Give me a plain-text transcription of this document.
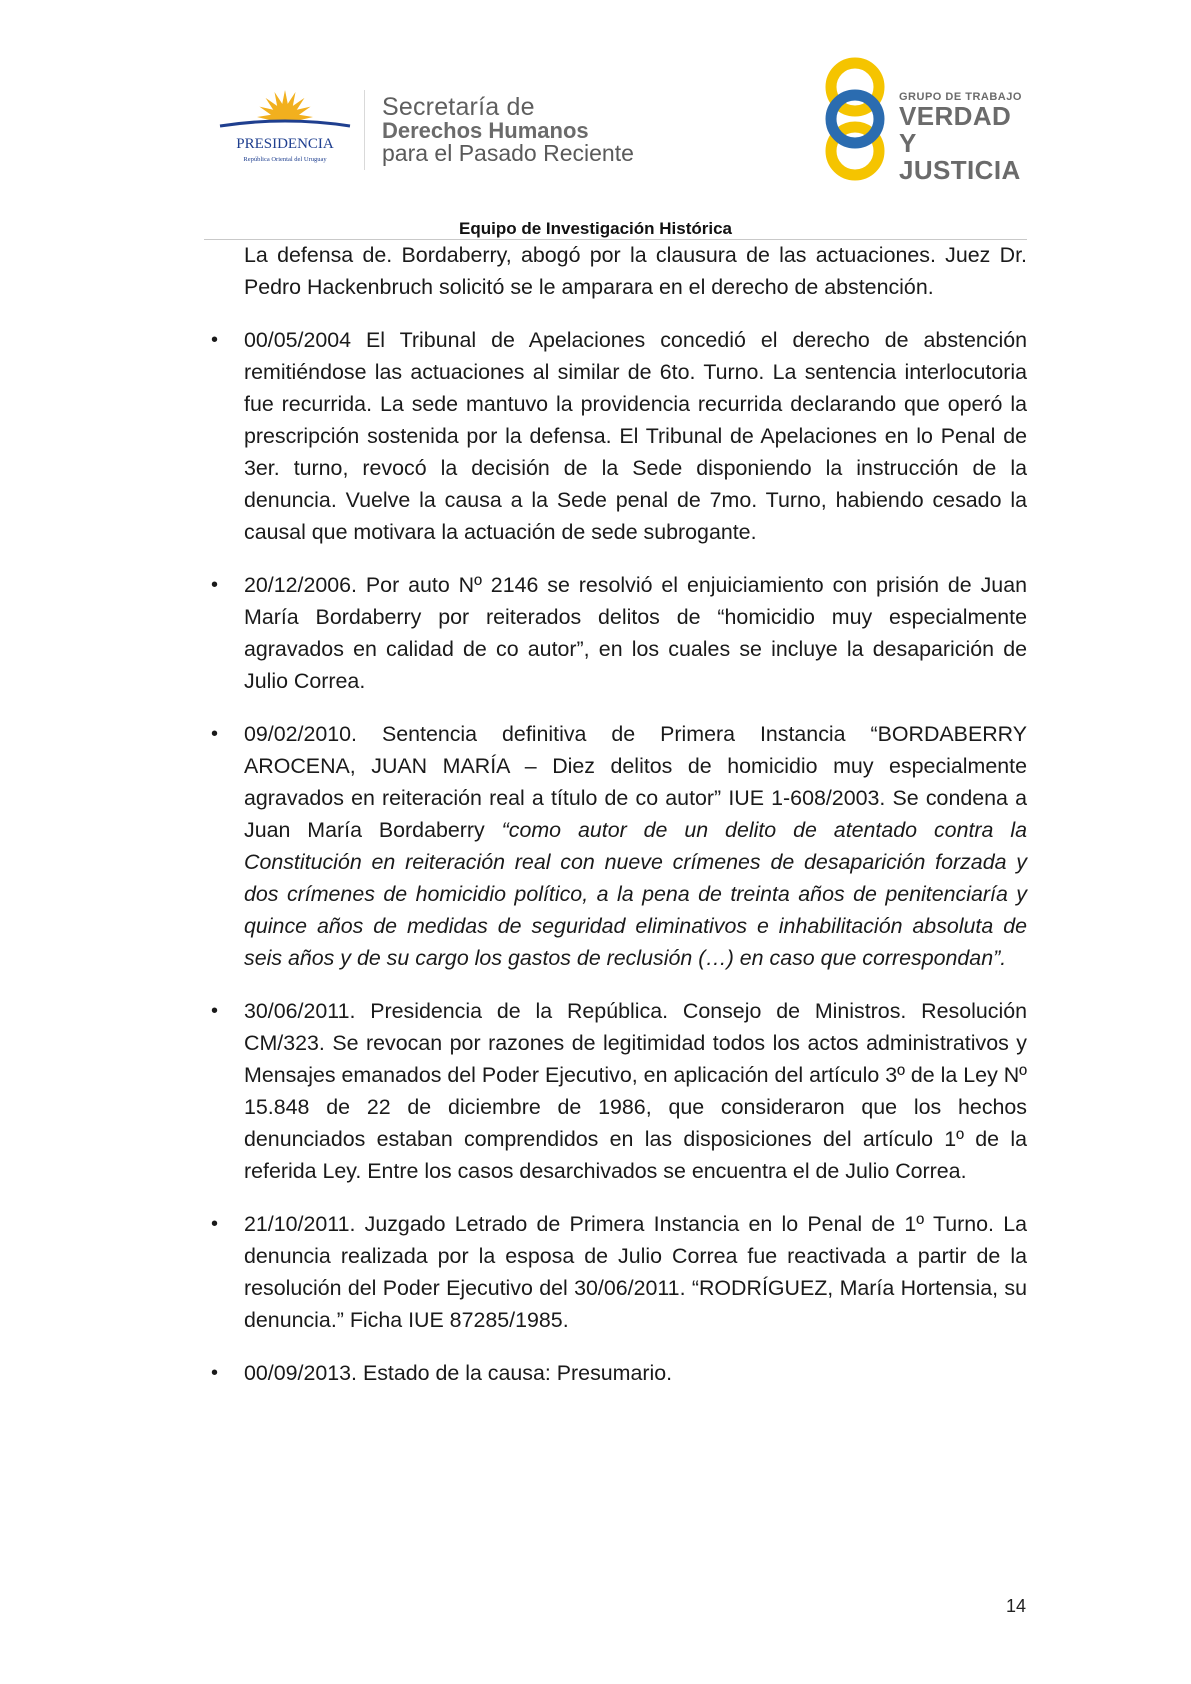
PRESIDENCIA
República Oriental del Uruguay
Secretaría de
Derechos Humanos
para el Pasado Reciente
GRUPO DE TRABAJO
VERDAD Y
JUSTICIA
Equipo de Investigación Histórica

La defensa de. Bordaberry, abogó por la clausura de las actuaciones. Juez Dr. Pedro Hackenbruch solicitó se le amparara en el derecho de abstención.

• 00/05/2004 El Tribunal de Apelaciones concedió el derecho de abstención remitiéndose las actuaciones al similar de 6to. Turno. La sentencia interlocutoria fue recurrida. La sede mantuvo la providencia recurrida declarando que operó la prescripción sostenida por la defensa. El Tribunal de Apelaciones en lo Penal de 3er. turno, revocó la decisión de la Sede disponiendo la instrucción de la denuncia. Vuelve la causa a la Sede penal de 7mo. Turno, habiendo cesado la causal que motivara la actuación de sede subrogante.

• 20/12/2006. Por auto Nº 2146 se resolvió el enjuiciamiento con prisión de Juan María Bordaberry por reiterados delitos de “homicidio muy especialmente agravados en calidad de co autor”, en los cuales se incluye la desaparición de Julio Correa.

• 09/02/2010. Sentencia definitiva de Primera Instancia “BORDABERRY AROCENA, JUAN MARÍA – Diez delitos de homicidio muy especialmente agravados en reiteración real a título de co autor” IUE 1-608/2003. Se condena a Juan María Bordaberry “como autor de un delito de atentado contra la Constitución en reiteración real con nueve crímenes de desaparición forzada y dos crímenes de homicidio político, a la pena de treinta años de penitenciaría y quince años de medidas de seguridad eliminativos e inhabilitación absoluta de seis años y de su cargo los gastos de reclusión (…) en caso que correspondan”.

• 30/06/2011. Presidencia de la República. Consejo de Ministros. Resolución CM/323. Se revocan por razones de legitimidad todos los actos administrativos y Mensajes emanados del Poder Ejecutivo, en aplicación del artículo 3º de la Ley Nº 15.848 de 22 de diciembre de 1986, que consideraron que los hechos denunciados estaban comprendidos en las disposiciones del artículo 1º de la referida Ley. Entre los casos desarchivados se encuentra el de Julio Correa.

• 21/10/2011. Juzgado Letrado de Primera Instancia en lo Penal de 1º Turno. La denuncia realizada por la esposa de Julio Correa fue reactivada a partir de la resolución del Poder Ejecutivo del 30/06/2011. “RODRÍGUEZ, María Hortensia, su denuncia.” Ficha IUE 87285/1985.

• 00/09/2013. Estado de la causa: Presumario.

14
